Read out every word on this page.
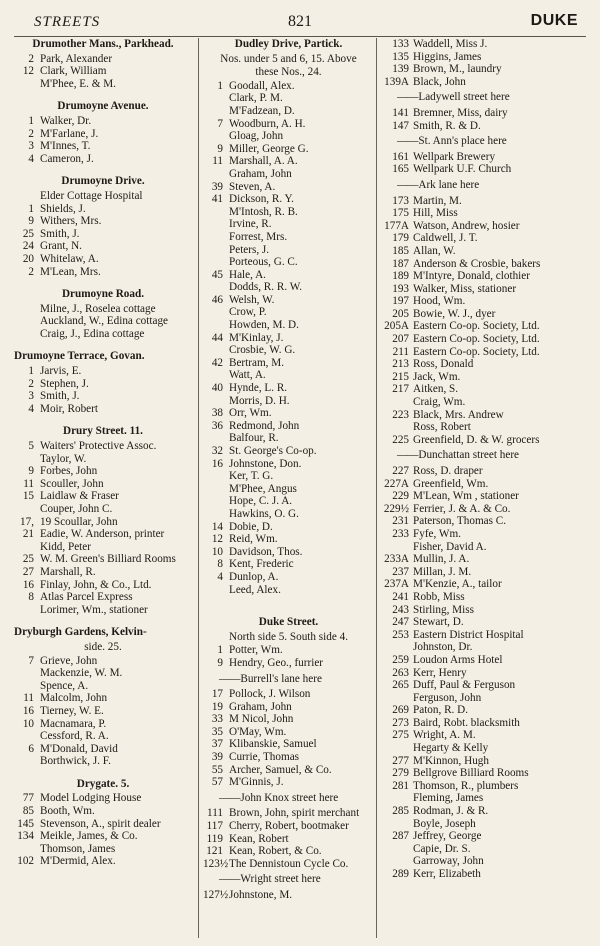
STREETS	821	DUKE
Drumother Mans., Parkhead.
2 Park, Alexander
12 Clark, William
M'Phee, E. & M.
Drumoyne Avenue.
1 Walker, Dr.
2 M'Farlane, J.
3 M'Innes, T.
4 Cameron, J.
Drumoyne Drive.
Elder Cottage Hospital
1 Shields, J.
9 Withers, Mrs.
25 Smith, J.
24 Grant, N.
20 Whitelaw, A.
2 M'Lean, Mrs.
Drumoyne Road.
Milne, J., Roselea cottage
Auckland, W., Edina cottage
Craig, J., Edina cottage
Drumoyne Terrace, Govan.
1 Jarvis, E.
2 Stephen, J.
3 Smith, J.
4 Moir, Robert
Drury Street. 11.
5 Waiters' Protective Assoc.
Taylor, W.
9 Forbes, John
11 Scouller, John
15 Laidlaw & Fraser
Couper, John C.
17, 19 Scoullar, John
21 Eadie, W. Anderson, printer
Kidd, Peter
25 W. M. Green's Billiard Rooms
27 Marshall, R.
16 Finlay, John, & Co., Ltd.
8 Atlas Parcel Express
Lorimer, Wm., stationer
Dryburgh Gardens, Kelvin-
side. 25.
7 Grieve, John
Mackenzie, W. M.
Spence, A.
11 Malcolm, John
16 Tierney, W. E.
10 Macnamara, P.
Cessford, R. A.
6 M'Donald, David
Borthwick, J. F.
Drygate. 5.
77 Model Lodging House
85 Booth, Wm.
145 Stevenson, A., spirit dealer
134 Meikle, James, & Co.
Thomson, James
102 M'Dermid, Alex.
Dudley Drive, Partick.
Nos. under 5 and 6, 15. Above
these Nos., 24.
1 Goodall, Alex.
Clark, P. M.
M'Fadzean, D.
7 Woodburn, A. H.
Gloag, John
9 Miller, George G.
11 Marshall, A. A.
Graham, John
39 Steven, A.
41 Dickson, R. Y.
M'Intosh, R. B.
Irvine, R.
Forrest, Mrs.
Peters, J.
Porteous, G. C.
45 Hale, A.
Dodds, R. R. W.
46 Welsh, W.
Crow, P.
Howden, M. D.
44 M'Kinlay, J.
Crosbie, W. G.
42 Bertram, M.
Watt, A.
40 Hynde, L. R.
Morris, D. H.
38 Orr, Wm.
36 Redmond, John
Balfour, R.
32 St. George's Co-op.
16 Johnstone, Don.
Ker, T. G.
M'Phee, Angus
Hope, C. J. A.
Hawkins, O. G.
14 Dobie, D.
12 Reid, Wm.
10 Davidson, Thos.
8 Kent, Frederic
4 Dunlop, A.
Leed, Alex.
Duke Street.
North side 5. South side 4.
1 Potter, Wm.
9 Hendry, Geo., furrier
—— Burrell's lane here
17 Pollock, J. Wilson
19 Graham, John
33 M Nicol, John
35 O'May, Wm.
37 Klibanskie, Samuel
39 Currie, Thomas
55 Archer, Samuel, & Co.
57 M'Ginnis, J.
—— John Knox street here
111 Brown, John, spirit merchant
117 Cherry, Robert, bootmaker
119 Kean, Robert
121 Kean, Robert, & Co.
123½The Dennistoun Cycle Co.
—— Wright street here
127½Johnstone, M.
133 Waddell, Miss J.
135 Higgins, James
139 Brown, M., laundry
139A Black, John
—— Ladywell street here
141 Bremner, Miss, dairy
147 Smith, R. & D.
—— St. Ann's place here
161 Wellpark Brewery
165 Wellpark U.F. Church
—— Ark lane here
173 Martin, M.
175 Hill, Miss
177A Watson, Andrew, hosier
179 Caldwell, J. T.
185 Allan, W.
187 Anderson & Crosbie, bakers
189 M'Intyre, Donald, clothier
193 Walker, Miss, stationer
197 Hood, Wm.
205 Bowie, W. J., dyer
205A Eastern Co-op. Society, Ltd.
207 Eastern Co-op. Society, Ltd.
211 Eastern Co-op. Society, Ltd.
213 Ross, Donald
215 Jack, Wm.
217 Aitken, S.
Craig, Wm.
223 Black, Mrs. Andrew
Ross, Robert
225 Greenfield, D. & W. grocers
—— Dunchattan street here
227 Ross, D. draper
227A Greenfield, Wm.
229 M'Lean, Wm , stationer
229½ Ferrier, J. & A. & Co.
231 Paterson, Thomas C.
233 Fyfe, Wm.
Fisher, David A.
233A Mullin, J. A.
237 Millan, J. M.
237A M'Kenzie, A., tailor
241 Robb, Miss
243 Stirling, Miss
247 Stewart, D.
253 Eastern District Hospital
Johnston, Dr.
259 Loudon Arms Hotel
263 Kerr, Henry
265 Duff, Paul & Ferguson
Ferguson, John
269 Paton, R. D.
273 Baird, Robt. blacksmith
275 Wright, A. M.
Hegarty & Kelly
277 M'Kinnon, Hugh
279 Bellgrove Billiard Rooms
281 Thomson, R., plumbers
Fleming, James
285 Rodman, J. & R.
Boyle, Joseph
287 Jeffrey, George
Capie, Dr. S.
Garroway, John
289 Kerr, Elizabeth
